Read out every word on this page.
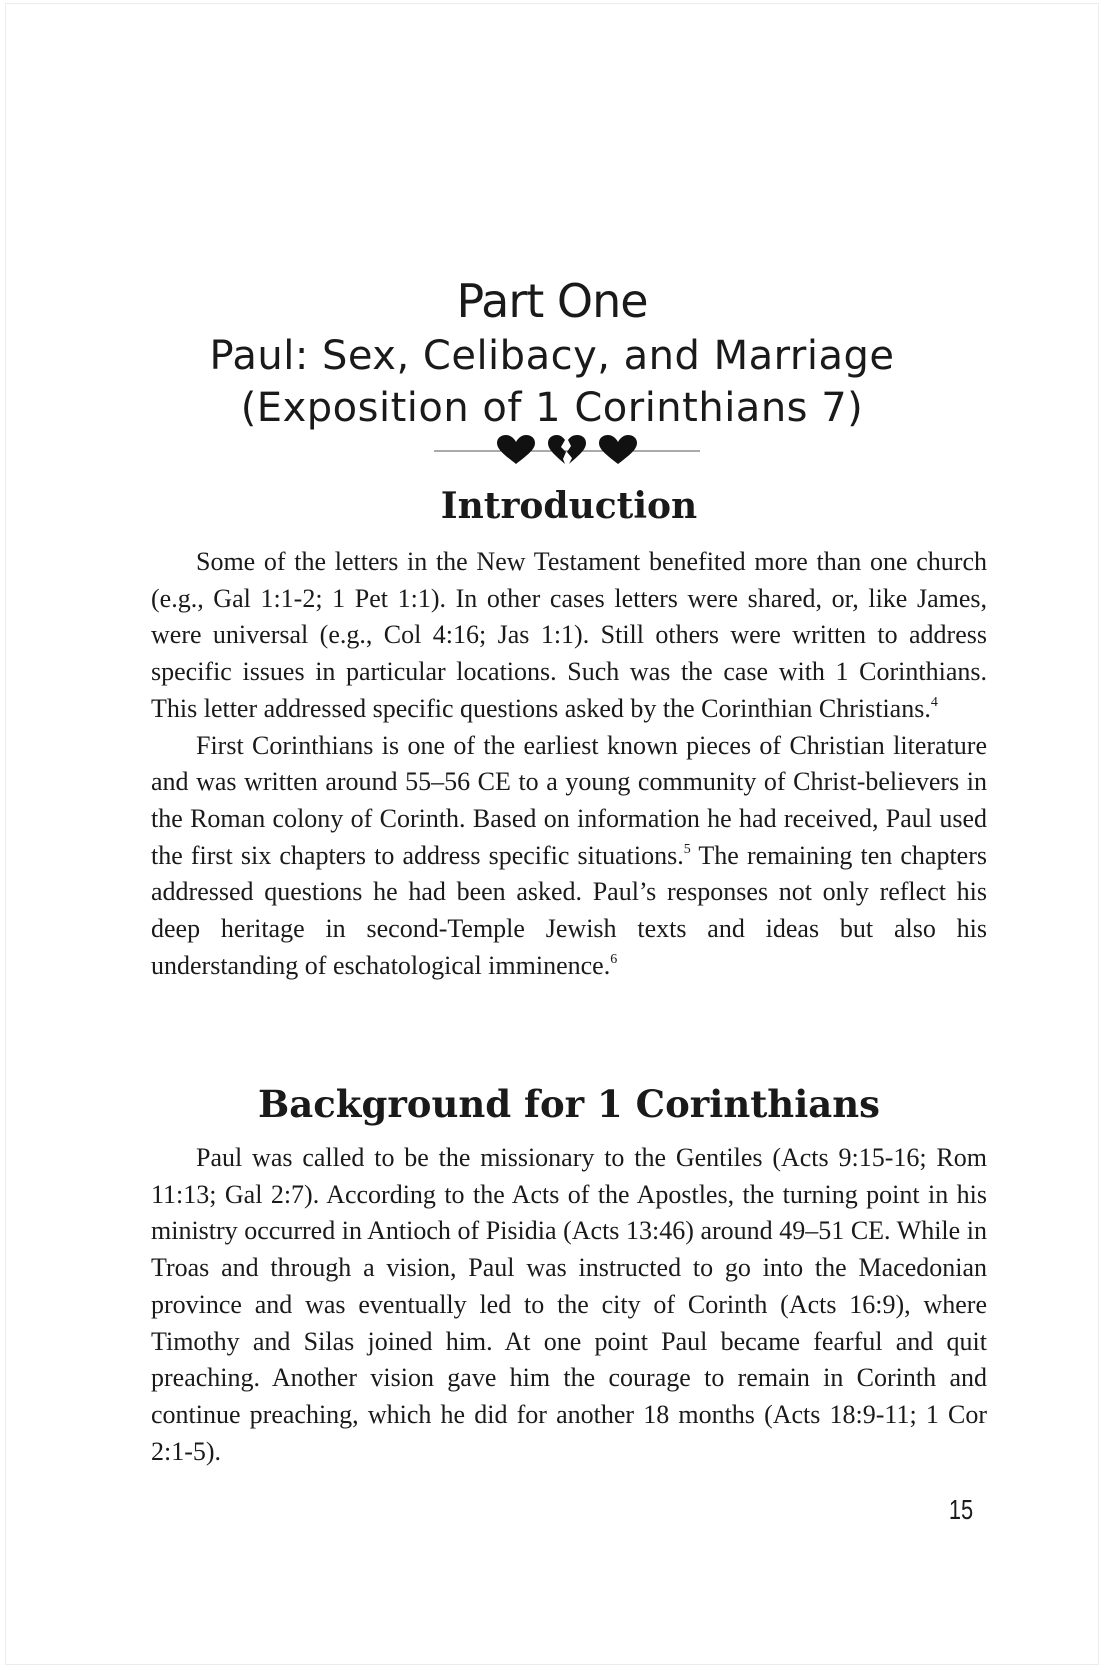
Part One
Paul: Sex, Celibacy, and Marriage
(Exposition of 1 Corinthians 7)
Introduction

Some of the letters in the New Testament benefited more than one church (e.g., Gal 1:1-2; 1 Pet 1:1). In other cases letters were shared, or, like James, were universal (e.g., Col 4:16; Jas 1:1). Still others were written to address specific issues in particular locations. Such was the case with 1 Corinthians. This letter addressed specific questions asked by the Corinthian Christians.$^4$

First Corinthians is one of the earliest known pieces of Christian literature and was written around 55–56 CE to a young community of Christ-believers in the Roman colony of Corinth. Based on information he had received, Paul used the first six chapters to address specific situations.$^5$ The remaining ten chapters addressed questions he had been asked. Paul’s responses not only reflect his deep heritage in second-Temple Jewish texts and ideas but also his understanding of eschatological imminence.$^6$

Background for 1 Corinthians

Paul was called to be the missionary to the Gentiles (Acts 9:15-16; Rom 11:13; Gal 2:7). According to the Acts of the Apostles, the turning point in his ministry occurred in Antioch of Pisidia (Acts 13:46) around 49–51 CE. While in Troas and through a vision, Paul was instructed to go into the Macedonian province and was eventually led to the city of Corinth (Acts 16:9), where Timothy and Silas joined him. At one point Paul became fearful and quit preaching. Another vision gave him the courage to remain in Corinth and continue preaching, which he did for another 18 months (Acts 18:9-11; 1 Cor 2:1-5).

15
